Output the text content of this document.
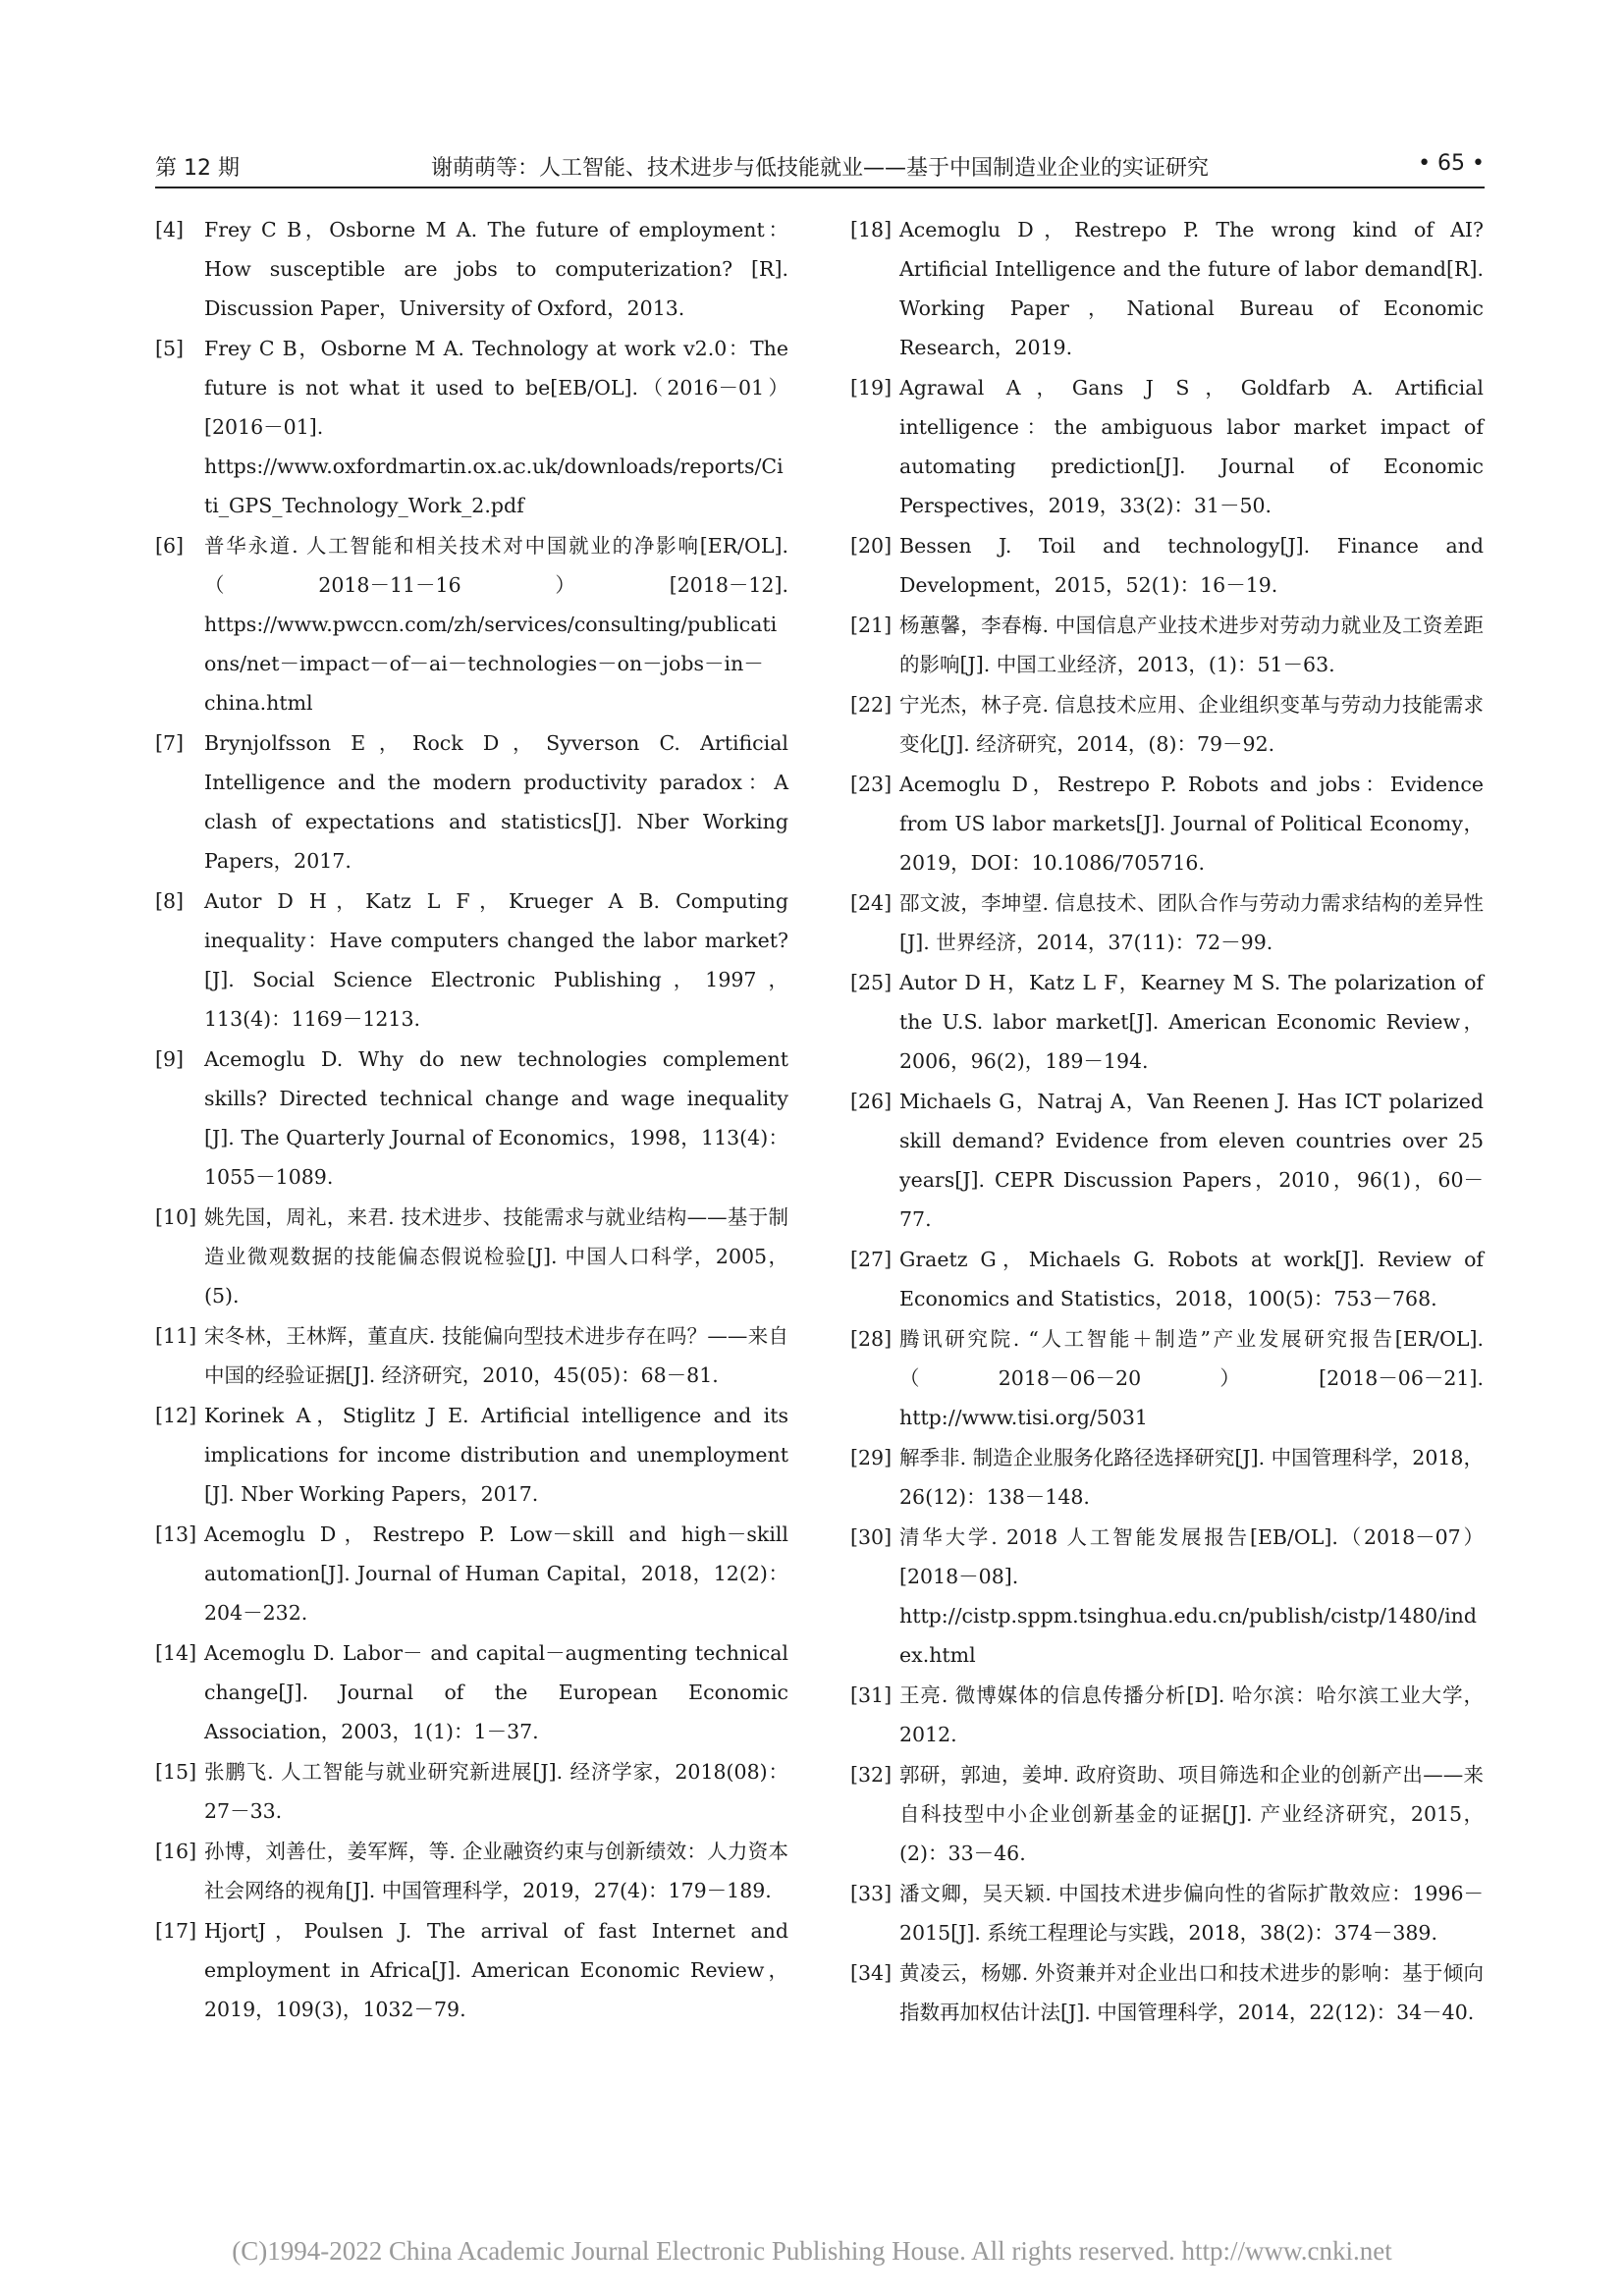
第 12 期	谢萌萌等：人工智能、技术进步与低技能就业——基于中国制造业企业的实证研究	• 65 •
[4] Frey C B，Osborne M A. The future of employment：How susceptible are jobs to computerization? [R]. Discussion Paper，University of Oxford，2013.
[5] Frey C B，Osborne M A. Technology at work v2.0：The future is not what it used to be[EB/OL].（2016－01）[2016－01]. https://www.oxfordmartin.ox.ac.uk/downloads/reports/Citi_GPS_Technology_Work_2.pdf
[6] 普华永道. 人工智能和相关技术对中国就业的净影响[ER/OL].（2018－11－16）[2018－12]. https://www.pwccn.com/zh/services/consulting/publications/net－impact－of－ai－technologies－on－jobs－in－china.html
[7] Brynjolfsson E，Rock D，Syverson C. Artificial Intelligence and the modern productivity paradox：A clash of expectations and statistics[J]. Nber Working Papers，2017.
[8] Autor D H，Katz L F，Krueger A B. Computing inequality：Have computers changed the labor market? [J]. Social Science Electronic Publishing，1997，113(4)：1169－1213.
[9] Acemoglu D. Why do new technologies complement skills? Directed technical change and wage inequality [J]. The Quarterly Journal of Economics，1998，113(4)：1055－1089.
[10] 姚先国，周礼，来君. 技术进步、技能需求与就业结构——基于制造业微观数据的技能偏态假说检验[J]. 中国人口科学，2005，(5).
[11] 宋冬林，王林辉，董直庆. 技能偏向型技术进步存在吗？——来自中国的经验证据[J]. 经济研究，2010，45(05)：68－81.
[12] Korinek A，Stiglitz J E. Artificial intelligence and its implications for income distribution and unemployment [J]. Nber Working Papers，2017.
[13] Acemoglu D，Restrepo P. Low－skill and high－skill automation[J]. Journal of Human Capital，2018，12(2)：204－232.
[14] Acemoglu D. Labor－ and capital－augmenting technical change[J]. Journal of the European Economic Association，2003，1(1)：1－37.
[15] 张鹏飞. 人工智能与就业研究新进展[J]. 经济学家，2018(08)：27－33.
[16] 孙博，刘善仕，姜军辉，等. 企业融资约束与创新绩效：人力资本社会网络的视角[J]. 中国管理科学，2019，27(4)：179－189.
[17] HjortJ，Poulsen J. The arrival of fast Internet and employment in Africa[J]. American Economic Review，2019，109(3)，1032－79.
[18] Acemoglu D，Restrepo P. The wrong kind of AI? Artificial Intelligence and the future of labor demand[R]. Working Paper，National Bureau of Economic Research，2019.
[19] Agrawal A，Gans J S，Goldfarb A. Artificial intelligence：the ambiguous labor market impact of automating prediction[J]. Journal of Economic Perspectives，2019，33(2)：31－50.
[20] Bessen J. Toil and technology[J]. Finance and Development，2015，52(1)：16－19.
[21] 杨蕙馨，李春梅. 中国信息产业技术进步对劳动力就业及工资差距的影响[J]. 中国工业经济，2013，(1)：51－63.
[22] 宁光杰，林子亮. 信息技术应用、企业组织变革与劳动力技能需求变化[J]. 经济研究，2014，(8)：79－92.
[23] Acemoglu D，Restrepo P. Robots and jobs：Evidence from US labor markets[J]. Journal of Political Economy，2019，DOI：10.1086/705716.
[24] 邵文波，李坤望. 信息技术、团队合作与劳动力需求结构的差异性[J]. 世界经济，2014，37(11)：72－99.
[25] Autor D H，Katz L F，Kearney M S. The polarization of the U.S. labor market[J]. American Economic Review，2006，96(2)，189－194.
[26] Michaels G，Natraj A，Van Reenen J. Has ICT polarized skill demand? Evidence from eleven countries over 25 years[J]. CEPR Discussion Papers，2010，96(1)，60－77.
[27] Graetz G，Michaels G. Robots at work[J]. Review of Economics and Statistics，2018，100(5)：753－768.
[28] 腾讯研究院. “人工智能＋制造”产业发展研究报告[ER/OL].（2018－06－20）[2018－06－21]. http://www.tisi.org/5031
[29] 解季非. 制造企业服务化路径选择研究[J]. 中国管理科学，2018，26(12)：138－148.
[30] 清华大学. 2018 人工智能发展报告[EB/OL].（2018－07）[2018－08]. http://cistp.sppm.tsinghua.edu.cn/publish/cistp/1480/index.html
[31] 王亮. 微博媒体的信息传播分析[D]. 哈尔滨：哈尔滨工业大学，2012.
[32] 郭研，郭迪，姜坤. 政府资助、项目筛选和企业的创新产出——来自科技型中小企业创新基金的证据[J]. 产业经济研究，2015，(2)：33－46.
[33] 潘文卿，吴天颖. 中国技术进步偏向性的省际扩散效应：1996－2015[J]. 系统工程理论与实践，2018，38(2)：374－389.
[34] 黄凌云，杨娜. 外资兼并对企业出口和技术进步的影响：基于倾向指数再加权估计法[J]. 中国管理科学，2014，22(12)：34－40.
(C)1994-2022 China Academic Journal Electronic Publishing House. All rights reserved. http://www.cnki.net
